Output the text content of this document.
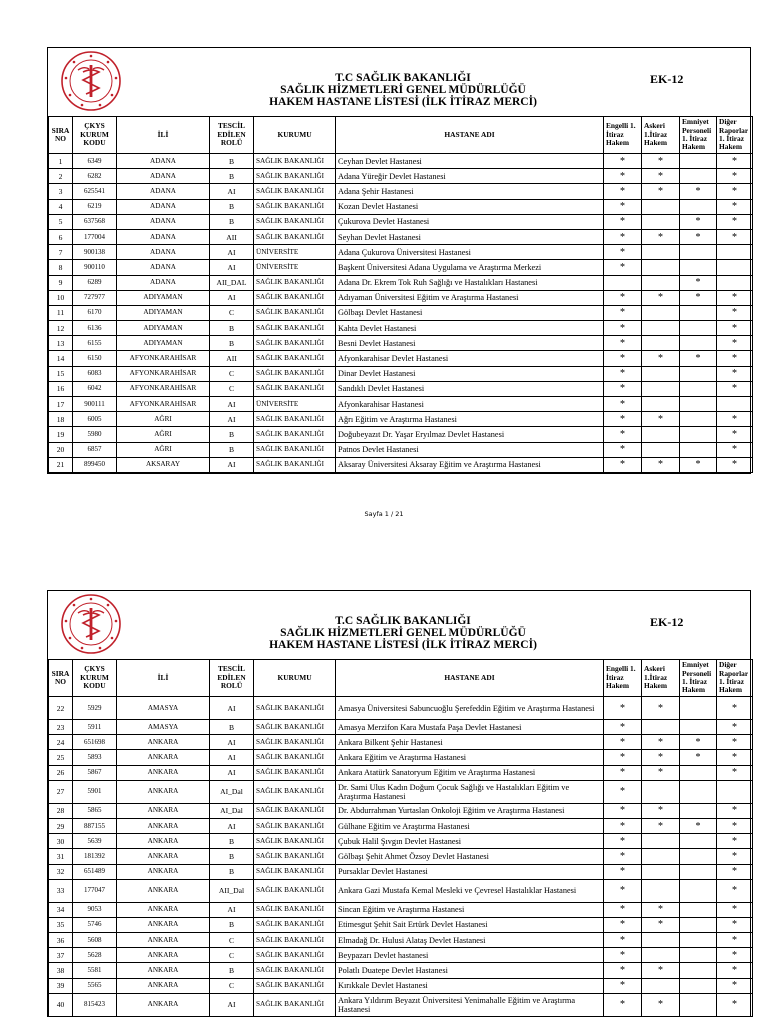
T.C SAĞLIK BAKANLIĞI
SAĞLIK HİZMETLERİ GENEL MÜDÜRLÜĞÜ
HAKEM HASTANE LİSTESİ (İLK İTİRAZ MERCİ)
EK-12
SIRA NO	ÇKYS KURUM KODU	İLİ	TESCİL EDİLEN ROLÜ	KURUMU	HASTANE ADI	Engelli 1. İtiraz Hakem	Askeri 1.İtiraz Hakem	Emniyet Personeli 1. İtiraz Hakem	Diğer Raporlar 1. İtiraz Hakem
1	6349	ADANA	B	SAĞLIK BAKANLIĞI	Ceyhan Devlet Hastanesi	*	*		*
2	6282	ADANA	B	SAĞLIK BAKANLIĞI	Adana Yüreğir Devlet Hastanesi	*	*		*
3	625541	ADANA	AI	SAĞLIK BAKANLIĞI	Adana Şehir Hastanesi	*	*	*	*
4	6219	ADANA	B	SAĞLIK BAKANLIĞI	Kozan Devlet Hastanesi	*			*
5	637568	ADANA	B	SAĞLIK BAKANLIĞI	Çukurova Devlet Hastanesi	*		*	*
6	177004	ADANA	AII	SAĞLIK BAKANLIĞI	Seyhan Devlet Hastanesi	*	*	*	*
7	900138	ADANA	AI	ÜNİVERSİTE	Adana Çukurova Üniversitesi Hastanesi	*			
8	900110	ADANA	AI	ÜNİVERSİTE	Başkent Üniversitesi Adana Uygulama ve Araştırma Merkezi	*			
9	6289	ADANA	AII_DAL	SAĞLIK BAKANLIĞI	Adana Dr. Ekrem Tok Ruh Sağlığı ve Hastalıkları Hastanesi			*	
10	727977	ADIYAMAN	AI	SAĞLIK BAKANLIĞI	Adıyaman Üniversitesi Eğitim ve Araştırma Hastanesi	*	*	*	*
11	6170	ADIYAMAN	C	SAĞLIK BAKANLIĞI	Gölbaşı Devlet Hastanesi	*			*
12	6136	ADIYAMAN	B	SAĞLIK BAKANLIĞI	Kahta Devlet Hastanesi	*			*
13	6155	ADIYAMAN	B	SAĞLIK BAKANLIĞI	Besni Devlet Hastanesi	*			*
14	6150	AFYONKARAHİSAR	AII	SAĞLIK BAKANLIĞI	Afyonkarahisar Devlet Hastanesi	*	*	*	*
15	6083	AFYONKARAHİSAR	C	SAĞLIK BAKANLIĞI	Dinar Devlet Hastanesi	*			*
16	6042	AFYONKARAHİSAR	C	SAĞLIK BAKANLIĞI	Sandıklı Devlet Hastanesi	*			*
17	900111	AFYONKARAHİSAR	AI	ÜNİVERSİTE	Afyonkarahisar Hastanesi	*			
18	6005	AĞRI	AI	SAĞLIK BAKANLIĞI	Ağrı Eğitim ve Araştırma Hastanesi	*	*		*
19	5980	AĞRI	B	SAĞLIK BAKANLIĞI	Doğubeyazıt Dr. Yaşar Eryılmaz Devlet Hastanesi	*			*
20	6857	AĞRI	B	SAĞLIK BAKANLIĞI	Patnos Devlet Hastanesi	*			*
21	899450	AKSARAY	AI	SAĞLIK BAKANLIĞI	Aksaray Üniversitesi Aksaray Eğitim ve Araştırma Hastanesi	*	*	*	*
Sayfa 1 / 21
T.C SAĞLIK BAKANLIĞI
SAĞLIK HİZMETLERİ GENEL MÜDÜRLÜĞÜ
HAKEM HASTANE LİSTESİ (İLK İTİRAZ MERCİ)
EK-12
SIRA NO	ÇKYS KURUM KODU	İLİ	TESCİL EDİLEN ROLÜ	KURUMU	HASTANE ADI	Engelli 1. İtiraz Hakem	Askeri 1.İtiraz Hakem	Emniyet Personeli 1. İtiraz Hakem	Diğer Raporlar 1. İtiraz Hakem
22	5929	AMASYA	AI	SAĞLIK BAKANLIĞI	Amasya Üniversitesi Sabuncuoğlu Şerefeddin Eğitim ve Araştırma Hastanesi	*	*		*
23	5911	AMASYA	B	SAĞLIK BAKANLIĞI	Amasya Merzifon Kara Mustafa Paşa Devlet Hastanesi	*			*
24	651698	ANKARA	AI	SAĞLIK BAKANLIĞI	Ankara Bilkent Şehir Hastanesi	*	*	*	*
25	5893	ANKARA	AI	SAĞLIK BAKANLIĞI	Ankara Eğitim ve Araştırma Hastanesi	*	*	*	*
26	5867	ANKARA	AI	SAĞLIK BAKANLIĞI	Ankara Atatürk Sanatoryum Eğitim ve Araştırma Hastanesi	*	*		*
27	5901	ANKARA	AI_Dal	SAĞLIK BAKANLIĞI	Dr. Sami Ulus Kadın Doğum Çocuk Sağlığı ve Hastalıkları Eğitim ve Araştırma Hastanesi	*			
28	5865	ANKARA	AI_Dal	SAĞLIK BAKANLIĞI	Dr. Abdurrahman Yurtaslan Onkoloji Eğitim ve Araştırma Hastanesi	*	*		*
29	887155	ANKARA	AI	SAĞLIK BAKANLIĞI	Gülhane Eğitim ve Araştırma Hastanesi	*	*	*	*
30	5639	ANKARA	B	SAĞLIK BAKANLIĞI	Çubuk Halil Şıvgın Devlet Hastanesi	*			*
31	181392	ANKARA	B	SAĞLIK BAKANLIĞI	Gölbaşı Şehit Ahmet Özsoy Devlet Hastanesi	*			*
32	651489	ANKARA	B	SAĞLIK BAKANLIĞI	Pursaklar Devlet Hastanesi	*			*
33	177047	ANKARA	AII_Dal	SAĞLIK BAKANLIĞI	Ankara Gazi Mustafa Kemal Mesleki ve Çevresel Hastalıklar Hastanesi	*			*
34	9053	ANKARA	AI	SAĞLIK BAKANLIĞI	Sincan Eğitim ve Araştırma Hastanesi	*	*		*
35	5746	ANKARA	B	SAĞLIK BAKANLIĞI	Etimesgut Şehit Sait Ertürk Devlet Hastanesi	*	*		*
36	5608	ANKARA	C	SAĞLIK BAKANLIĞI	Elmadağ Dr. Hulusi Alataş Devlet Hastanesi	*			*
37	5628	ANKARA	C	SAĞLIK BAKANLIĞI	Beypazarı Devlet hastanesi	*			*
38	5581	ANKARA	B	SAĞLIK BAKANLIĞI	Polatlı Duatepe Devlet Hastanesi	*	*		*
39	5565	ANKARA	C	SAĞLIK BAKANLIĞI	Kırıkkale Devlet Hastanesi	*			*
40	815423	ANKARA	AI	SAĞLIK BAKANLIĞI	Ankara Yıldırım Beyazıt Üniversitesi Yenimahalle Eğitim ve Araştırma Hastanesi	*	*		*
